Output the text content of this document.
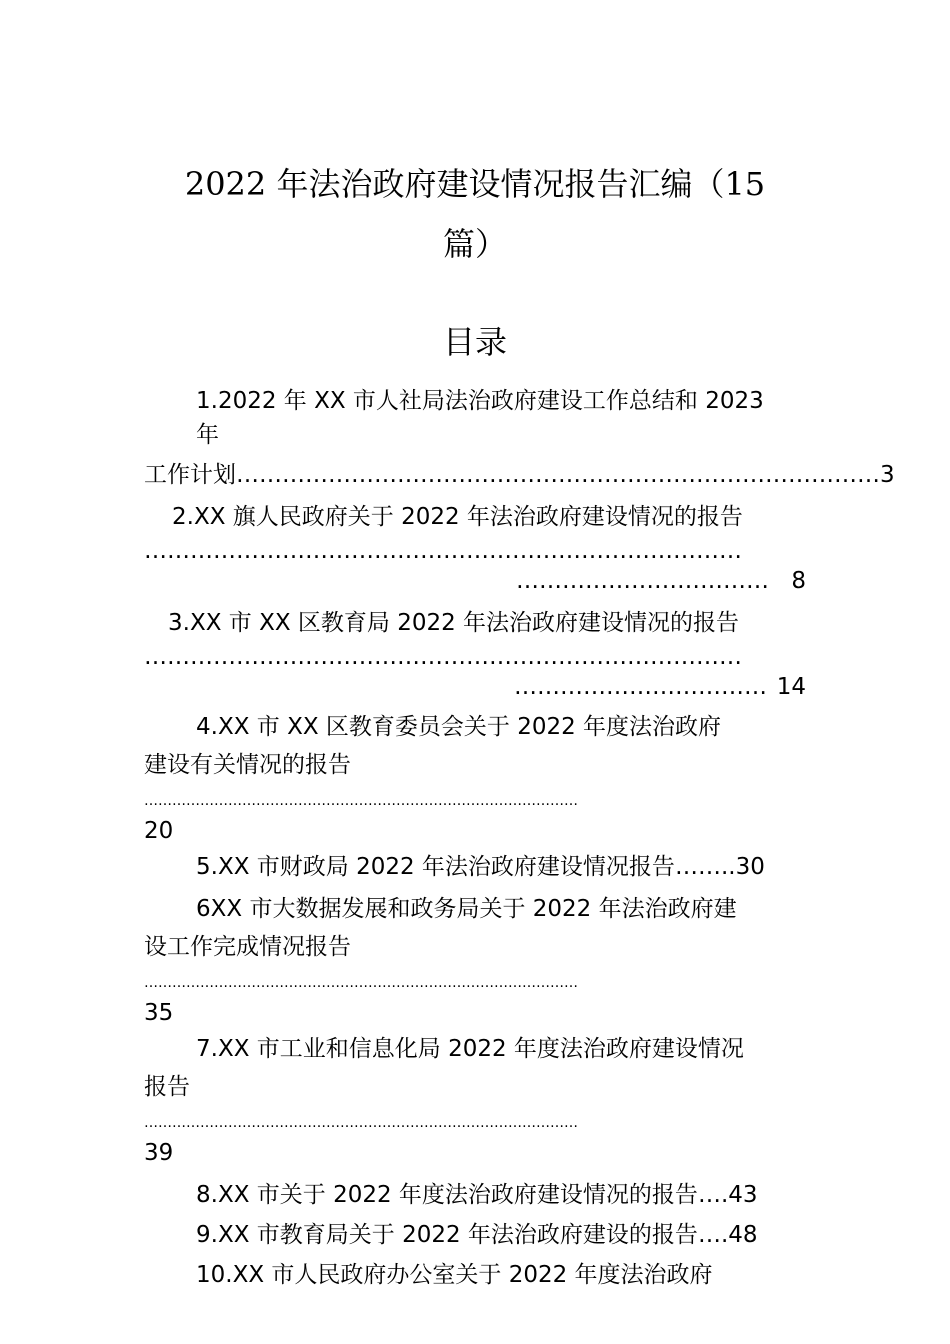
2022 年法治政府建设情况报告汇编（15
篇）
目录
1.2022 年 XX 市人社局法治政府建设工作总结和 2023
年
工作计划 ………………………………………………………………………… 3
2.XX 旗人民政府关于 2022 年法治政府建设情况的报告
……………………………………………………………………
…………………………… 8
3.XX 市 XX 区教育局 2022 年法治政府建设情况的报告
……………………………………………………………………
…………………………… 14
4.XX 市 XX 区教育委员会关于 2022 年度法治政府
建设有关情况的报告
…………………………………………………………………………………
20
5.XX 市财政局 2022 年法治政府建设情况报告 …….. 30
6XX 市大数据发展和政务局关于 2022 年法治政府建
设工作完成情况报告
…………………………………………………………………………………
35
7.XX 市工业和信息化局 2022 年度法治政府建设情况
报告
…………………………………………………………………………………
39
8.XX 市关于 2022 年度法治政府建设情况的报告 …. 43
9.XX 市教育局关于 2022 年法治政府建设的报告 …. 48
10.XX 市人民政府办公室关于 2022 年度法治政府
